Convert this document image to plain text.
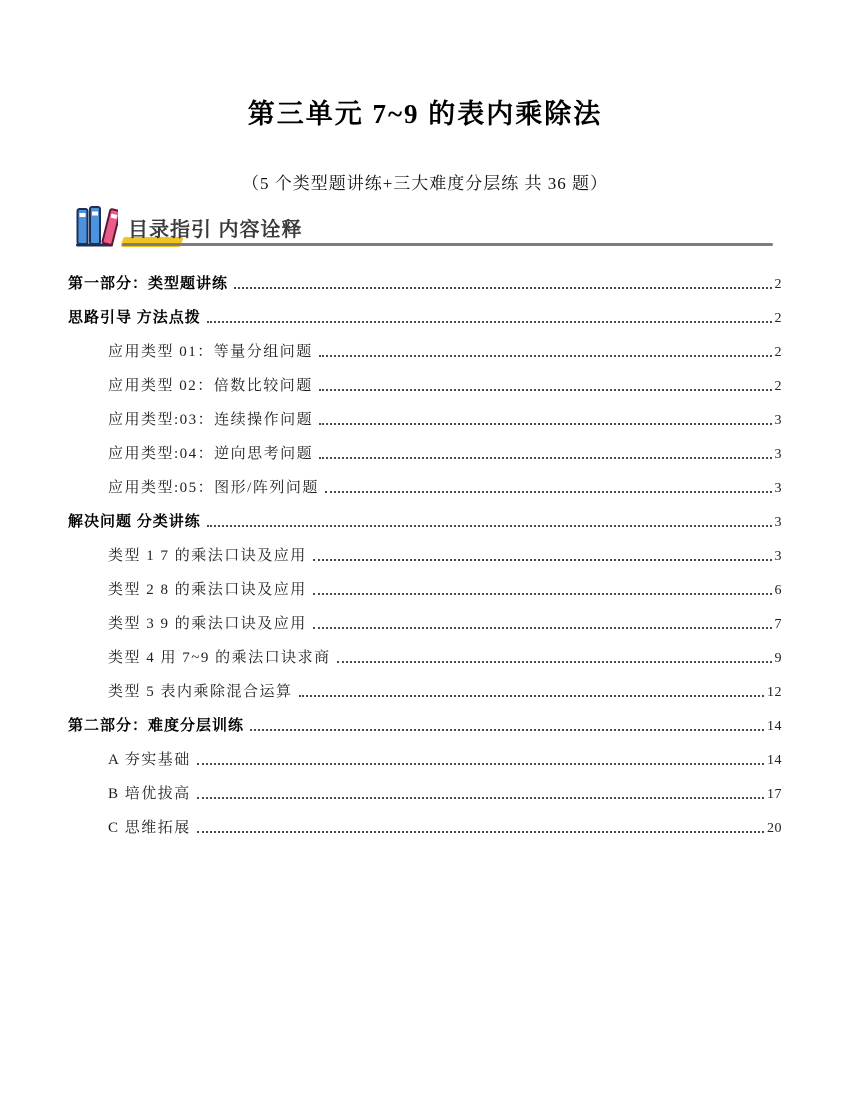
第三单元 7~9 的表内乘除法
（5 个类型题讲练+三大难度分层练 共 36 题）
目录指引 内容诠释
第一部分：类型题讲练	2
思路引导 方法点拨	2
应用类型 01：等量分组问题	2
应用类型 02：倍数比较问题	2
应用类型:03：连续操作问题	3
应用类型:04：逆向思考问题	3
应用类型:05：图形/阵列问题	3
解决问题 分类讲练	3
类型 1 7 的乘法口诀及应用	3
类型 2 8 的乘法口诀及应用	6
类型 3 9 的乘法口诀及应用	7
类型 4 用 7~9 的乘法口诀求商	9
类型 5 表内乘除混合运算	12
第二部分：难度分层训练	14
A 夯实基础	14
B 培优拔高	17
C 思维拓展	20
